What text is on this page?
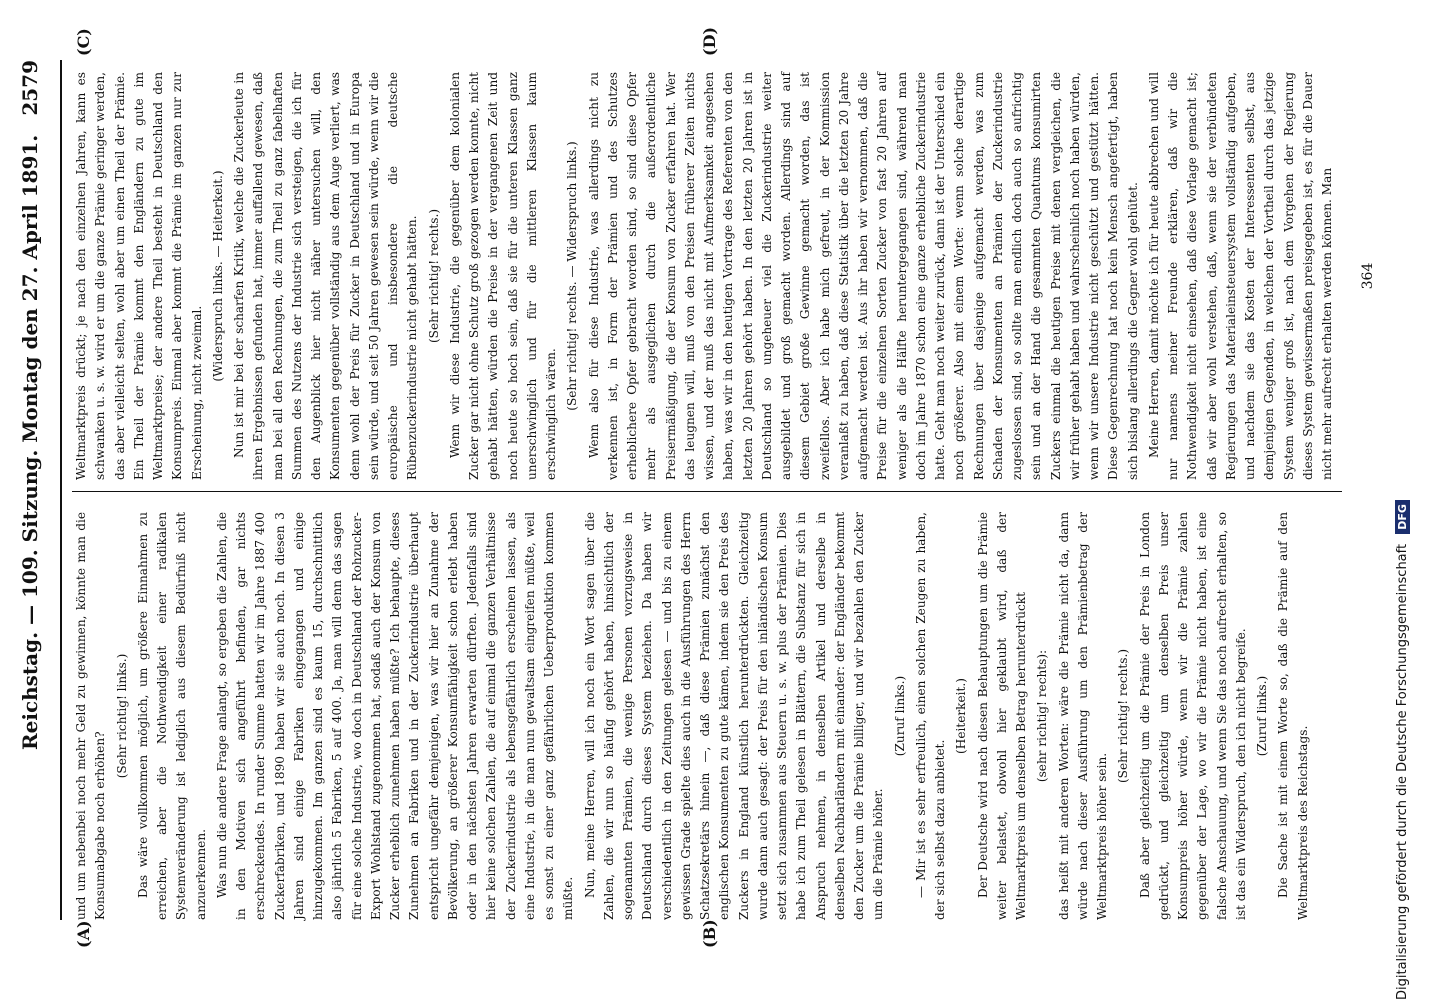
Reichstag. — 109. Sitzung. Montag den 27. April 1891.
2579
(A)	(B)
(C)	(D)

und um nebenbei noch mehr Geld zu gewinnen, könnte man die Konsumabgabe noch erhöhen?

(Sehr richtig! links.) Das wäre vollkommen möglich, um größere Einnahmen zu erreichen, aber die Nothwendigkeit einer radikalen Systemveränderung ist lediglich aus diesem Bedürfniß nicht anzuerkennen. Was nun die andere Frage anlangt, so ergeben die Zahlen, die in den Motiven sich angeführt befinden, gar nichts erschreckendes. In runder Summe hatten wir im Jahre 1887 400 Zuckerfabriken, und 1890 haben wir sie auch noch. In diesen 3 Jahren sind einige Fabriken eingegangen und einige hinzugekommen. Im ganzen sind es kaum 15, durchschnittlich also jährlich 5 Fabriken, 5 auf 400. Ja, man will denn das sagen für eine solche Industrie, wo doch in Deutschland der Rohzucker-Export Wohlstand zugenommen hat, sodaß auch der Konsum von Zucker erheblich zunehmen haben müßte? Ich behaupte, dieses Zunehmen an Fabriken und in der Zuckerindustrie überhaupt entspricht ungefähr demjenigen, was wir hier an Zunahme der Bevölkerung, an größerer Konsumfähigkeit schon erlebt haben oder in den nächsten Jahren erwarten dürften. Jedenfalls sind hier keine solchen Zahlen, die auf einmal die ganzen Verhältnisse der Zuckerindustrie als lebensgefährlich erscheinen lassen, als eine Industrie, in die man nun gewaltsam eingreifen müßte, weil es sonst zu einer ganz gefährlichen Ueberproduktion kommen müßte.

Nun, meine Herren, will ich noch ein Wort sagen über die Zahlen, die wir nun so häufig gehört haben, hinsichtlich der sogenannten Prämien, die wenige Personen vorzugsweise in Deutschland durch dieses System beziehen. Da haben wir verschiedentlich in den Zeitungen gelesen — und bis zu einem gewissen Grade spielte dies auch in die Ausführungen des Herrn Schatzsekretärs hinein —, daß diese Prämien zunächst den englischen Konsumenten zu gute kämen, indem sie den Preis des Zuckers in England künstlich herunterdrückten. Gleichzeitig wurde dann auch gesagt: der Preis für den inländischen Konsum setzt sich zusammen aus Steuern u. s. w. plus der Prämien. Dies habe ich zum Theil gelesen in Blättern, die Substanz für sich in Anspruch nehmen, in denselben Artikel und derselbe in denselben Nachbarländern mit einander: der Engländer bekommt den Zucker um die Prämie billiger, und wir bezahlen den Zucker um die Prämie höher.

(Zuruf links.) — Mir ist es sehr erfreulich, einen solchen Zeugen zu haben, der sich selbst dazu anbietet.

(Heiterkeit.) Der Deutsche wird nach diesen Behauptungen um die Prämie weiter belastet, obwohl hier geklaubt wird, daß der Weltmarktpreis um denselben Betrag herunterdrückt (sehr richtig! rechts): das heißt mit anderen Worten: wäre die Prämie nicht da, dann würde nach dieser Ausführung um den Prämienbetrag der Weltmarktpreis höher sein.

(Sehr richtig! rechts.) Daß aber gleichzeitig um die Prämie der Preis in London gedrückt, und gleichzeitig um denselben Preis unser Konsumpreis höher würde, wenn wir die Prämie zahlen gegenüber der Lage, wo wir die Prämie nicht haben, ist eine falsche Anschauung, und wenn Sie das noch aufrecht erhalten, so ist das ein Widerspruch, den ich nicht begreife. (Zuruf links.) Die Sache ist mit einem Worte so, daß die Prämie auf den Weltmarktpreis des Reichstags.

Weltmarktpreis drückt; je nach den einzelnen Jahren, kann es schwanken u. s. w. wird er um die ganze Prämie geringer werden, das aber vielleicht selten, wohl aber um einen Theil der Prämie. Ein Theil der Prämie kommt den Engländern zu gute im Weltmarktpreise; der andere Theil besteht in Deutschland den Konsumpreis. Einmal aber kommt die Prämie im ganzen nur zur Erscheinung, nicht zweimal.

(Widerspruch links. — Heiterkeit.) Nun ist mir bei der scharfen Kritik, welche die Zuckerleute in ihren Ergebnissen gefunden hat, immer auffallend gewesen, daß man bei all den Rechnungen, die zum Theil zu ganz fabelhaften Summen des Nutzens der Industrie sich versteigen, die ich für den Augenblick hier nicht näher untersuchen will, den Konsumenten gegenüber vollständig aus dem Auge verliert, was denn wohl der Preis für Zucker in Deutschland und in Europa sein würde, und seit 50 Jahren gewesen sein würde, wenn wir die europäische und insbesondere die deutsche Rübenzuckerindustrie nicht gehabt hätten. (Sehr richtig! rechts.) Wenn wir diese Industrie, die gegenüber dem kolonialen Zucker gar nicht ohne Schutz groß gezogen werden konnte, nicht gehabt hätten, würden die Preise in der vergangenen Zeit und noch heute so hoch sein, daß sie für die unteren Klassen ganz unerschwinglich und für die mittleren Klassen kaum erschwinglich wären.

(Sehr richtig! rechts. — Widerspruch links.) Wenn also für diese Industrie, was allerdings nicht zu verkennen ist, in Form der Prämien und des Schutzes erheblichere Opfer gebracht worden sind, so sind diese Opfer mehr als ausgeglichen durch die außerordentliche Preisermäßigung, die der Konsum von Zucker erfahren hat. Wer das leugnen will, muß von den Preisen früherer Zeiten nichts wissen, und der muß das nicht mit Aufmerksamkeit angesehen haben, was wir in den heutigen Vortrage des Referenten von den letzten 20 Jahren gehört haben. In den letzten 20 Jahren ist in Deutschland so ungeheuer viel die Zuckerindustrie weiter ausgebildet und groß gemacht worden. Allerdings sind auf diesem Gebiet große Gewinne gemacht worden, das ist zweifellos. Aber ich habe mich gefreut, in der Kommission veranlaßt zu haben, daß diese Statistik über die letzten 20 Jahre aufgemacht werden ist. Aus ihr haben wir vernommen, daß die Preise für die einzelnen Sorten Zucker von fast 20 Jahren auf weniger als die Hälfte heruntergegangen sind, während man doch im Jahre 1870 schon eine ganze erhebliche Zuckerindustrie hatte. Geht man noch weiter zurück, dann ist der Unterschied ein noch größerer. Also mit einem Worte: wenn solche derartige Rechnungen über dasjenige aufgemacht werden, was zum Schaden der Konsumenten an Prämien der Zuckerindustrie zugeslossen sind, so sollte man endlich doch auch so aufrichtig sein und an der Hand die gesammten Quantums konsumirten Zuckers einmal die heutigen Preise mit denen vergleichen, die wir früher gehabt haben und wahrscheinlich noch haben würden, wenn wir unsere Industrie nicht geschützt und gestützt hätten. Diese Gegenrechnung hat noch kein Mensch angefertigt, haben sich bislang allerdings die Gegner wohl gehütet. Meine Herren, damit möchte ich für heute abbrechen und will nur namens meiner Freunde erklären, daß wir die Nothwendigkeit nicht einsehen, daß diese Vorlage gemacht ist; daß wir aber wohl verstehen, daß, wenn sie der verbündeten Regierungen das Materialeinsteuersystem vollständig aufgeben, und nachdem sie das Kosten der Interessenten selbst, aus demjenigen Gegenden, in welchen der Vortheil durch das jetzige System weniger groß ist, nach dem Vorgehen der Regierung dieses System gewissermaßen preisgegeben ist, es für die Dauer nicht mehr aufrecht erhalten werden können. Man 364
Digitalisierung gefördert durch die Deutsche Forschungsgemeinschaft DFG
